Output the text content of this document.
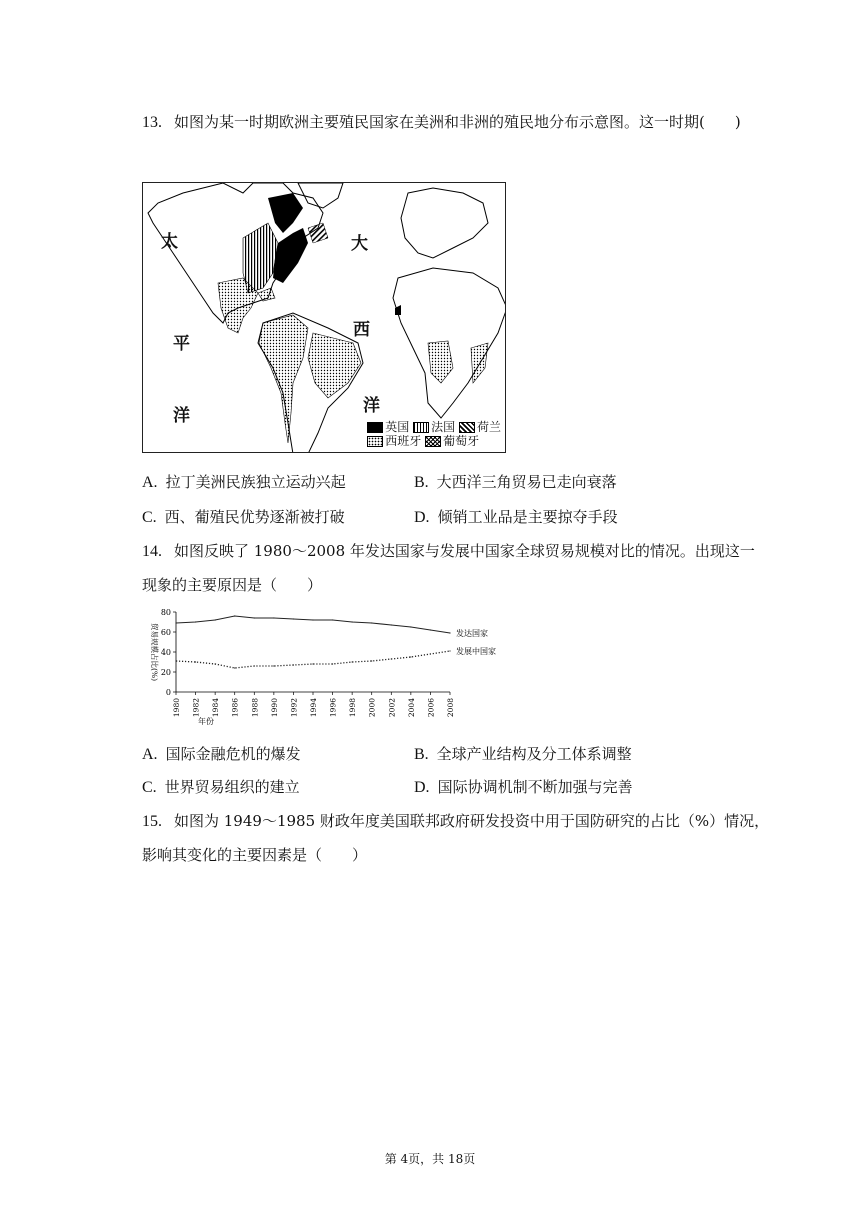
13. 如图为某一时期欧洲主要殖民国家在美洲和非洲的殖民地分布示意图。这一时期(　　)
太
平
洋
大
西
洋
英国 法国 荷兰
西班牙 葡萄牙
A. 拉丁美洲民族独立运动兴起	B. 大西洋三角贸易已走向衰落
C. 西、葡殖民优势逐渐被打破	D. 倾销工业品是主要掠夺手段
14. 如图反映了 1980～2008 年发达国家与发展中国家全球贸易规模对比的情况。出现这一
现象的主要原因是（　　）
0
20
40
60
80
1980 1982 1984 1986 1988 1990 1992 1994 1996 1998 2000 2002 2004 2006 2008
贸易规模占比(%)
年份
发达国家
发展中国家
A. 国际金融危机的爆发	B. 全球产业结构及分工体系调整
C. 世界贸易组织的建立	D. 国际协调机制不断加强与完善
15. 如图为 1949～1985 财政年度美国联邦政府研发投资中用于国防研究的占比（%）情况，
影响其变化的主要因素是（　　）
第 4页，共 18页
